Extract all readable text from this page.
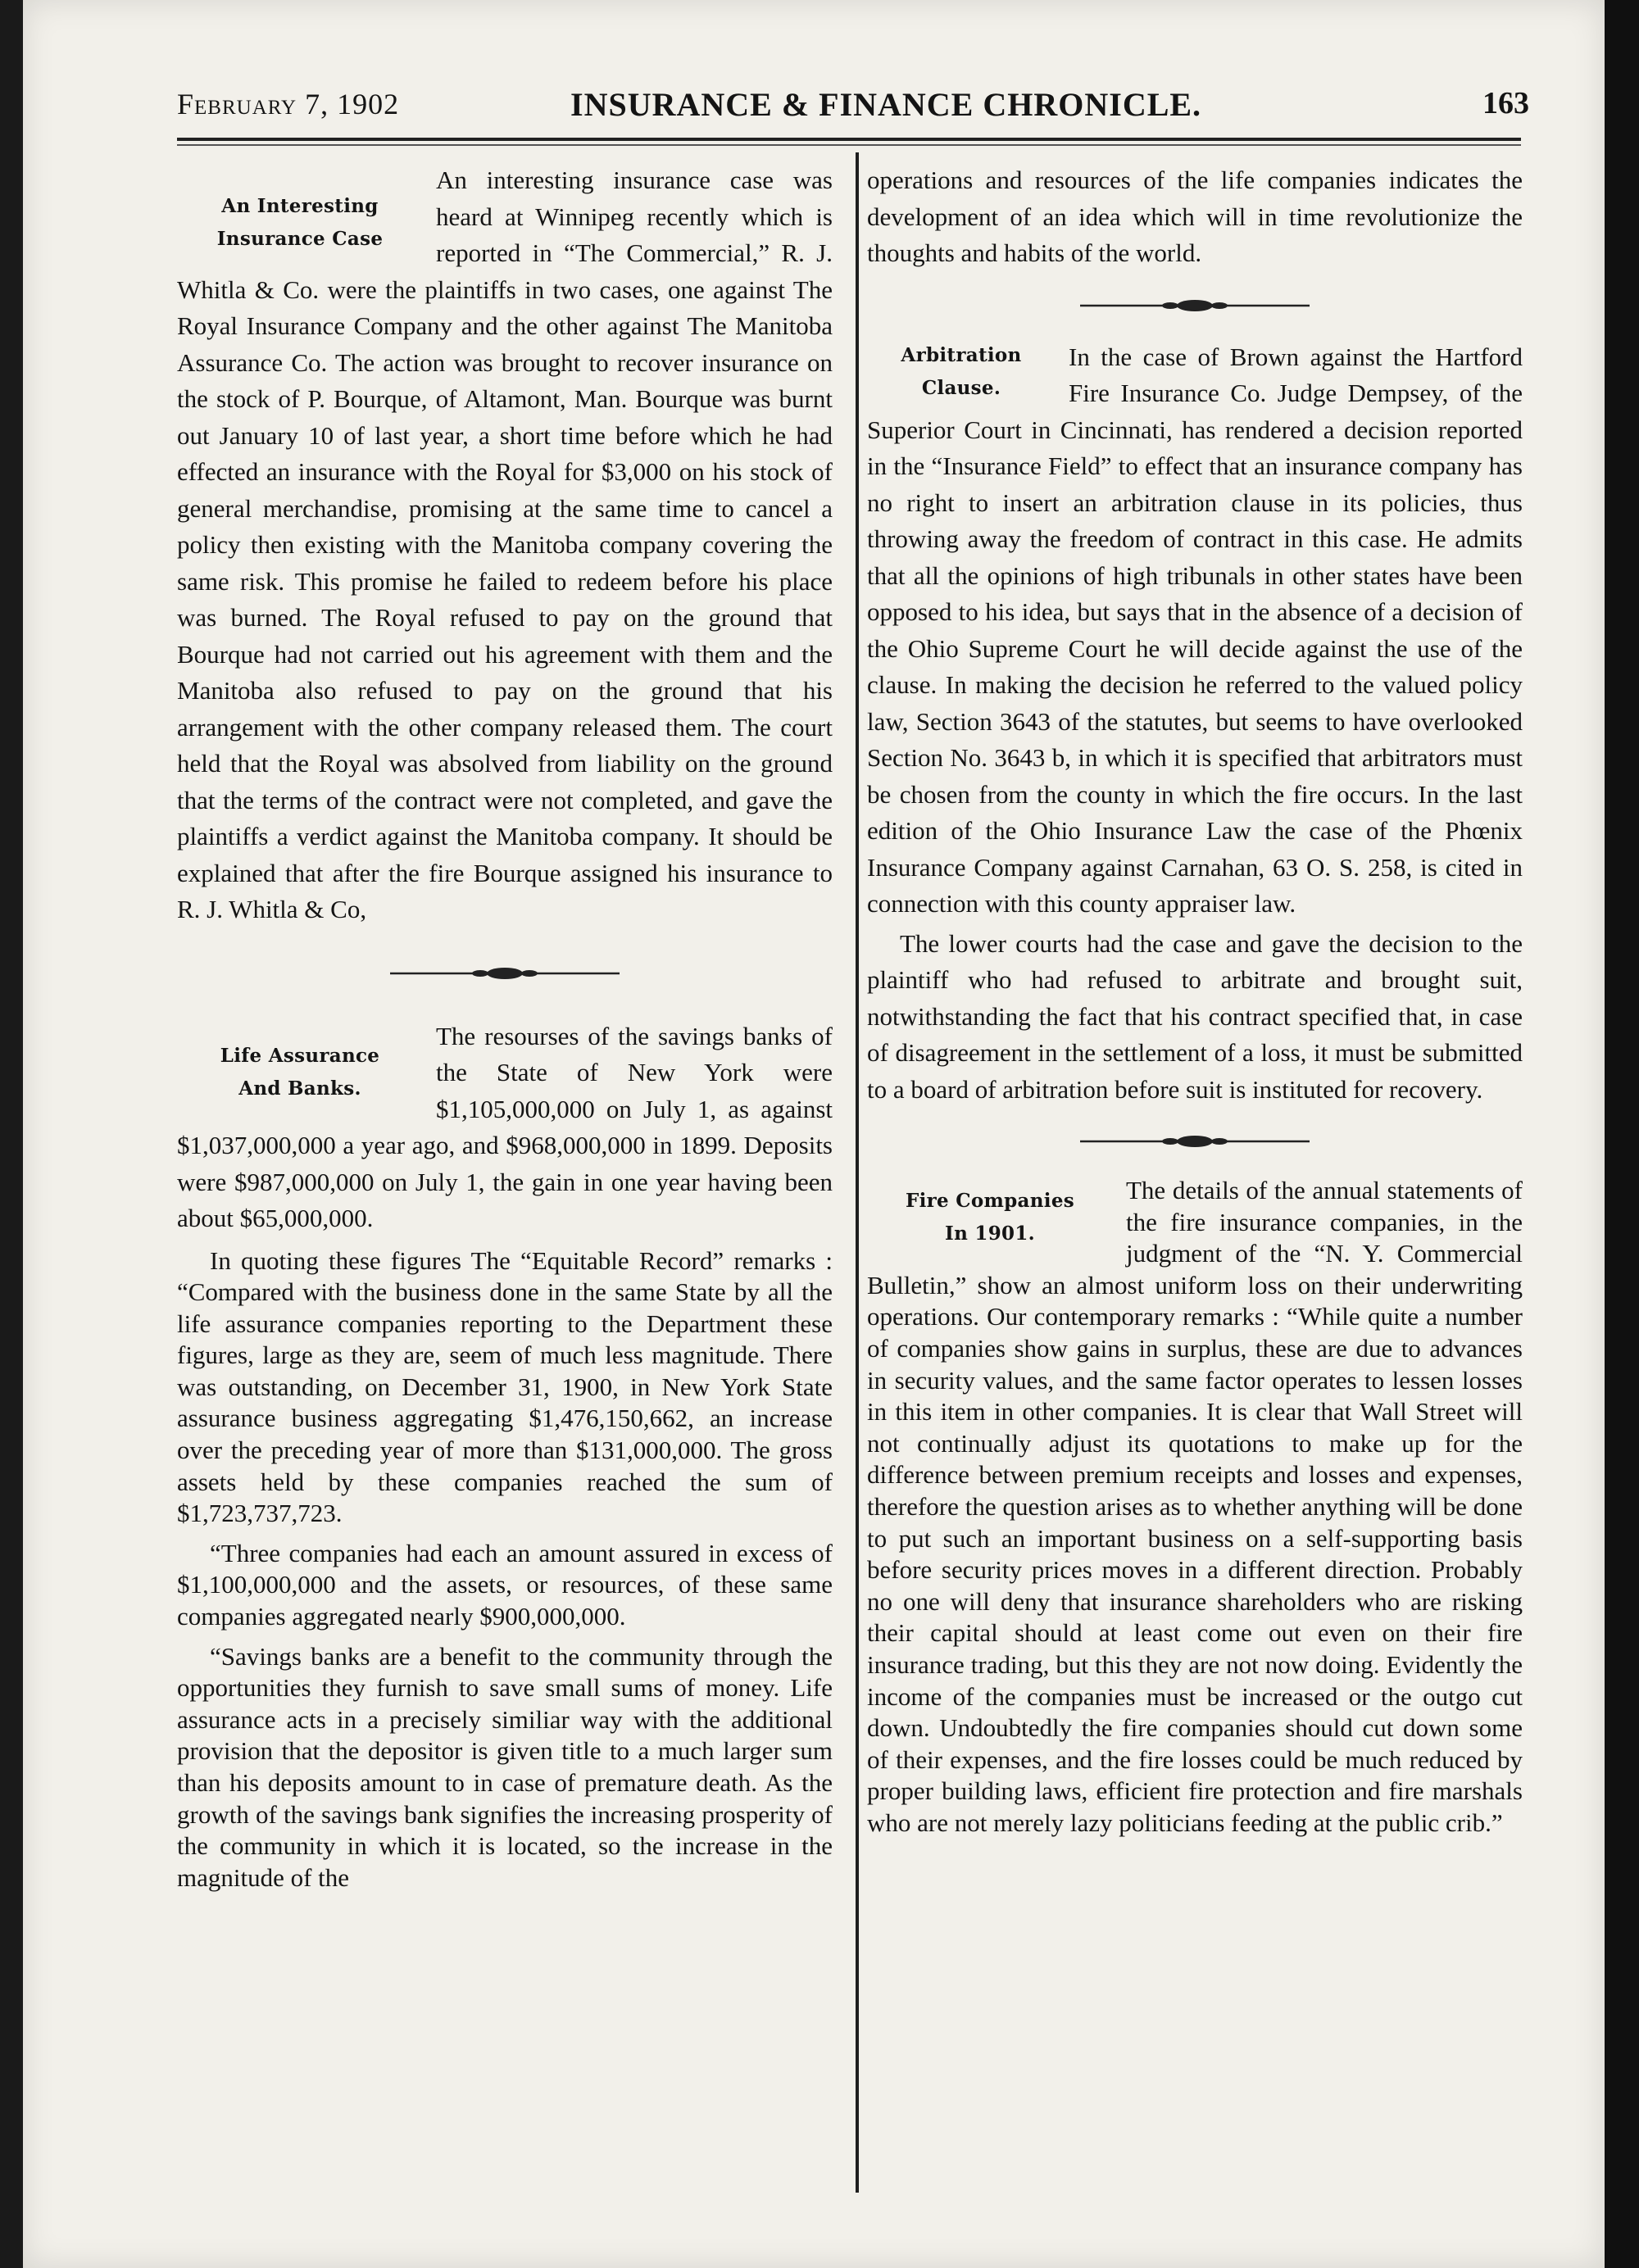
February 7, 1902	INSURANCE & FINANCE CHRONICLE.	163
An Interesting
Insurance Case

An interesting insurance case was heard at Winnipeg recently which is reported in “The Commercial,” R. J. Whitla & Co. were the plaintiffs in two cases, one against The Royal Insurance Company and the other against The Manitoba Assurance Co. The action was brought to recover insurance on the stock of P. Bourque, of Altamont, Man. Bourque was burnt out January 10 of last year, a short time before which he had effected an insurance with the Royal for $3,000 on his stock of general merchandise, promising at the same time to cancel a policy then existing with the Manitoba company covering the same risk. This promise he failed to redeem before his place was burned. The Royal refused to pay on the ground that Bourque had not carried out his agreement with them and the Manitoba also refused to pay on the ground that his arrangement with the other company released them. The court held that the Royal was absolved from liability on the ground that the terms of the contract were not completed, and gave the plaintiffs a verdict against the Manitoba company. It should be explained that after the fire Bourque assigned his insurance to R. J. Whitla & Co,

Life Assurance
And Banks.

The resourses of the savings banks of the State of New York were $1,105,000,000 on July 1, as against $1,037,000,000 a year ago, and $968,000,000 in 1899. Deposits were $987,000,000 on July 1, the gain in one year having been about $65,000,000.

In quoting these figures The “Equitable Record” remarks : “Compared with the business done in the same State by all the life assurance companies reporting to the Department these figures, large as they are, seem of much less magnitude. There was outstanding, on December 31, 1900, in New York State assurance business aggregating $1,476,150,662, an increase over the preceding year of more than $131,000,000. The gross assets held by these companies reached the sum of $1,723,737,723.

“Three companies had each an amount assured in excess of $1,100,000,000 and the assets, or resources, of these same companies aggregated nearly $900,000,000.

“Savings banks are a benefit to the community through the opportunities they furnish to save small sums of money. Life assurance acts in a precisely similiar way with the additional provision that the depositor is given title to a much larger sum than his deposits amount to in case of premature death. As the growth of the savings bank signifies the increasing prosperity of the community in which it is located, so the increase in the magnitude of the

operations and resources of the life companies indicates the development of an idea which will in time revolutionize the thoughts and habits of the world.

Arbitration
Clause.

In the case of Brown against the Hartford Fire Insurance Co. Judge Dempsey, of the Superior Court in Cincinnati, has rendered a decision reported in the “Insurance Field” to effect that an insurance company has no right to insert an arbitration clause in its policies, thus throwing away the freedom of contract in this case. He admits that all the opinions of high tribunals in other states have been opposed to his idea, but says that in the absence of a decision of the Ohio Supreme Court he will decide against the use of the clause. In making the decision he referred to the valued policy law, Section 3643 of the statutes, but seems to have overlooked Section No. 3643 b, in which it is specified that arbitrators must be chosen from the county in which the fire occurs. In the last edition of the Ohio Insurance Law the case of the Phœnix Insurance Company against Carnahan, 63 O. S. 258, is cited in connection with this county appraiser law.

The lower courts had the case and gave the decision to the plaintiff who had refused to arbitrate and brought suit, notwithstanding the fact that his contract specified that, in case of disagreement in the settlement of a loss, it must be submitted to a board of arbitration before suit is instituted for recovery.

Fire Companies
In 1901.

The details of the annual statements of the fire insurance companies, in the judgment of the “N. Y. Commercial Bulletin,” show an almost uniform loss on their underwriting operations. Our contemporary remarks : “While quite a number of companies show gains in surplus, these are due to advances in security values, and the same factor operates to lessen losses in this item in other companies. It is clear that Wall Street will not continually adjust its quotations to make up for the difference between premium receipts and losses and expenses, therefore the question arises as to whether anything will be done to put such an important business on a self-supporting basis before security prices moves in a different direction. Probably no one will deny that insurance shareholders who are risking their capital should at least come out even on their fire insurance trading, but this they are not now doing. Evidently the income of the companies must be increased or the outgo cut down. Undoubtedly the fire companies should cut down some of their expenses, and the fire losses could be much reduced by proper building laws, efficient fire protection and fire marshals who are not merely lazy politicians feeding at the public crib.”
